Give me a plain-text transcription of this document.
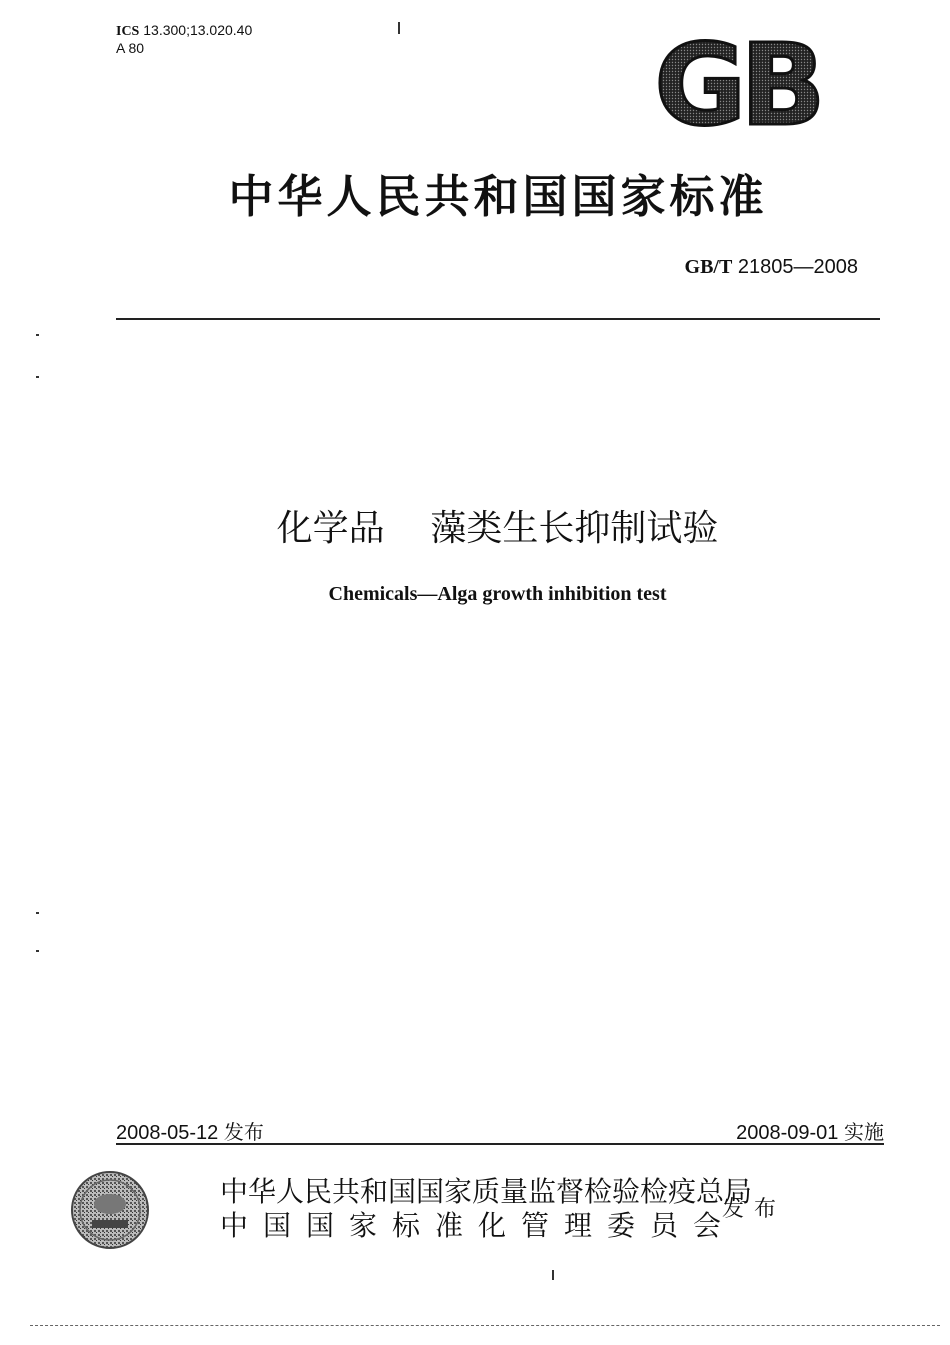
ICS 13.300;13.020.40
A 80	GB
中华人民共和国国家标准
GB/T 21805—2008
化学品    藻类生长抑制试验
Chemicals—Alga growth inhibition test
2008-05-12 发布	2008-09-01 实施
中华人民共和国国家质量监督检验检疫总局
中国国家标准化管理委员会
发布
